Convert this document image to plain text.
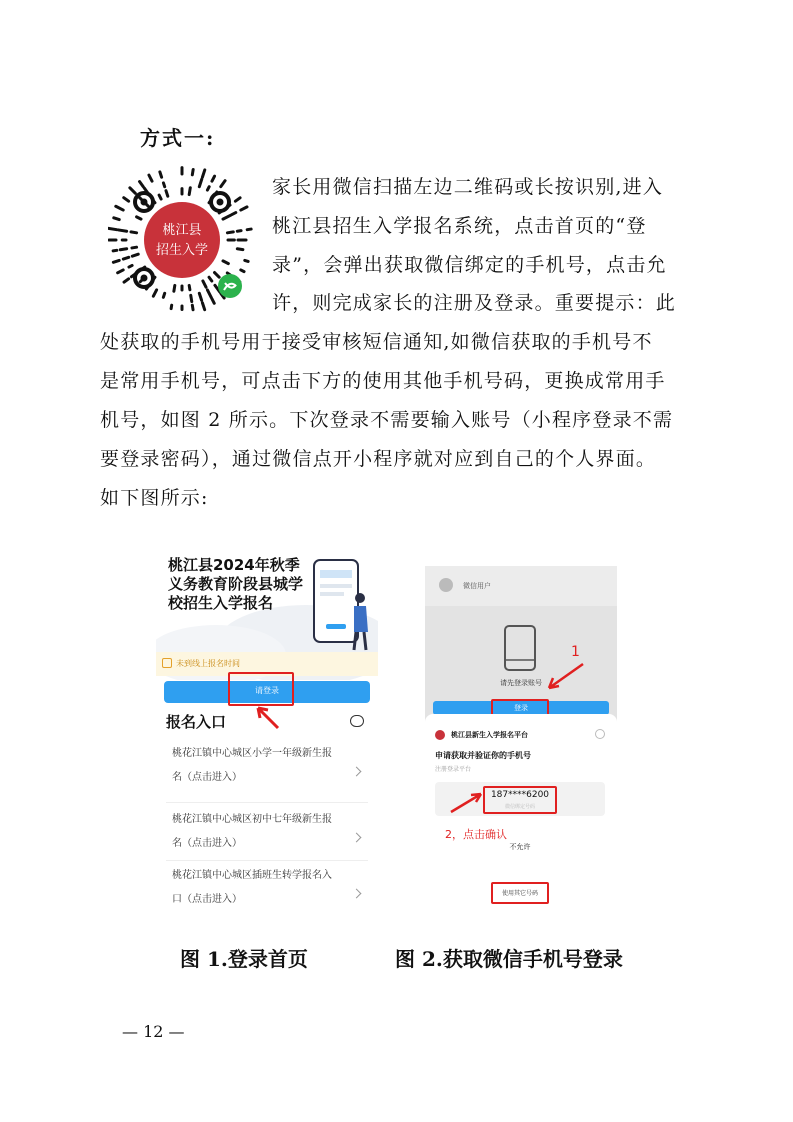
方式一:
桃江县
招生入学
家长用微信扫描左边二维码或长按识别,进入
桃江县招生入学报名系统，点击首页的“登
录”，会弹出获取微信绑定的手机号，点击允
许，则完成家长的注册及登录。重要提示：此
处获取的手机号用于接受审核短信通知,如微信获取的手机号不
是常用手机号，可点击下方的使用其他手机号码，更换成常用手
机号，如图 2 所示。下次登录不需要输入账号（小程序登录不需
要登录密码），通过微信点开小程序就对应到自己的个人界面。
如下图所示:
桃江县2024年秋季
义务教育阶段县城学
校招生入学报名
未到线上报名时间
请登录
报名入口
桃花江镇中心城区小学一年级新生报
名（点击进入）
桃花江镇中心城区初中七年级新生报
名（点击进入）
桃花江镇中心城区插班生转学报名入
口（点击进入）
微信用户
请先登录账号
登录
1
桃江县新生入学报名平台
申请获取并验证你的手机号
注册登录平台
187****6200
微信绑定号码
2，点击确认
不允许
使用其它号码
图 1.登录首页	图 2.获取微信手机号登录
— 12 —
